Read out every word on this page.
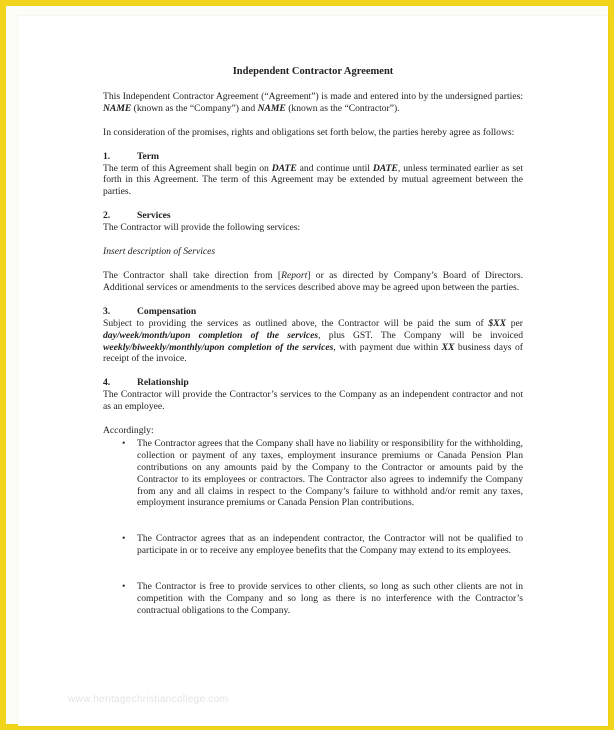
Independent Contractor Agreement

This Independent Contractor Agreement (“Agreement”) is made and entered into by the undersigned parties: NAME (known as the “Company”) and NAME (known as the “Contractor”).

In consideration of the promises, rights and obligations set forth below, the parties hereby agree as follows:

1.	Term
The term of this Agreement shall begin on DATE and continue until DATE, unless terminated earlier as set forth in this Agreement. The term of this Agreement may be extended by mutual agreement between the parties.
2.	Services
The Contractor will provide the following services:
Insert description of Services

The Contractor shall take direction from [Report] or as directed by Company’s Board of Directors. Additional services or amendments to the services described above may be agreed upon between the parties.

3.	Compensation
Subject to providing the services as outlined above, the Contractor will be paid the sum of $XX per day/week/month/upon completion of the services, plus GST. The Company will be invoiced weekly/biweekly/monthly/upon completion of the services, with payment due within XX business days of receipt of the invoice.
4.	Relationship
The Contractor will provide the Contractor’s services to the Company as an independent contractor and not as an employee.
Accordingly:
• The Contractor agrees that the Company shall have no liability or responsibility for the withholding, collection or payment of any taxes, employment insurance premiums or Canada Pension Plan contributions on any amounts paid by the Company to the Contractor or amounts paid by the Contractor to its employees or contractors. The Contractor also agrees to indemnify the Company from any and all claims in respect to the Company’s failure to withhold and/or remit any taxes, employment insurance premiums or Canada Pension Plan contributions.
• The Contractor agrees that as an independent contractor, the Contractor will not be qualified to participate in or to receive any employee benefits that the Company may extend to its employees.
• The Contractor is free to provide services to other clients, so long as such other clients are not in competition with the Company and so long as there is no interference with the Contractor’s contractual obligations to the Company.
www.heritagechristiancollege.com
